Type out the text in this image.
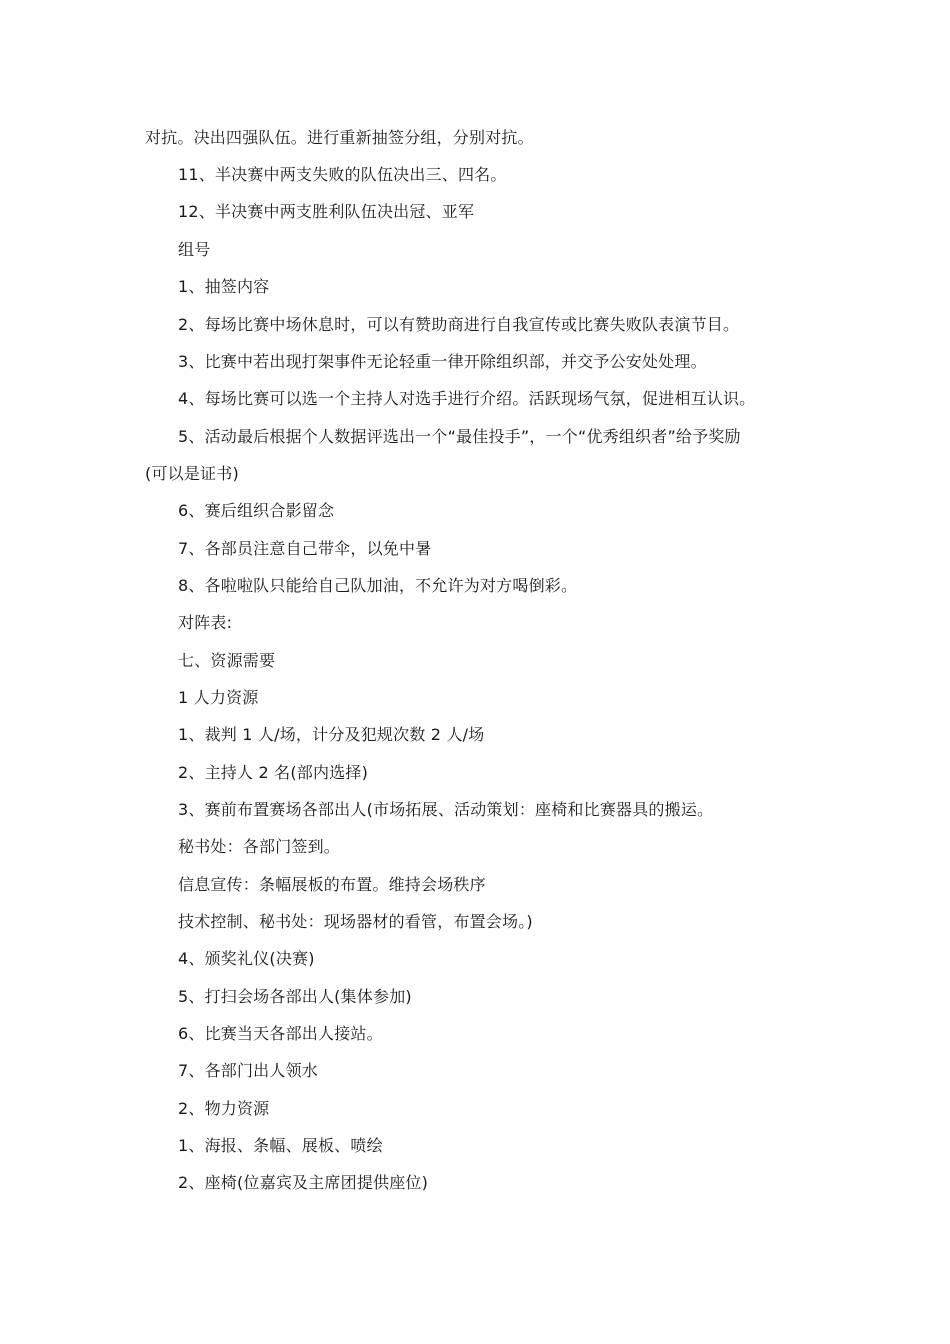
对抗。决出四强队伍。进行重新抽签分组，分别对抗。
11、半决赛中两支失败的队伍决出三、四名。
12、半决赛中两支胜利队伍决出冠、亚军
组号
1、抽签内容
2、每场比赛中场休息时，可以有赞助商进行自我宣传或比赛失败队表演节目。
3、比赛中若出现打架事件无论轻重一律开除组织部，并交予公安处处理。
4、每场比赛可以选一个主持人对选手进行介绍。活跃现场气氛，促进相互认识。
5、活动最后根据个人数据评选出一个“最佳投手”，一个“优秀组织者”给予奖励
(可以是证书)
6、赛后组织合影留念
7、各部员注意自己带伞，以免中暑
8、各啦啦队只能给自己队加油，不允许为对方喝倒彩。
对阵表:
七、资源需要
1 人力资源
1、裁判 1 人/场，计分及犯规次数 2 人/场
2、主持人 2 名(部内选择)
3、赛前布置赛场各部出人(市场拓展、活动策划：座椅和比赛器具的搬运。
秘书处：各部门签到。
信息宣传：条幅展板的布置。维持会场秩序
技术控制、秘书处：现场器材的看管，布置会场。)
4、颁奖礼仪(决赛)
5、打扫会场各部出人(集体参加)
6、比赛当天各部出人接站。
7、各部门出人领水
2、物力资源
1、海报、条幅、展板、喷绘
2、座椅(位嘉宾及主席团提供座位)
